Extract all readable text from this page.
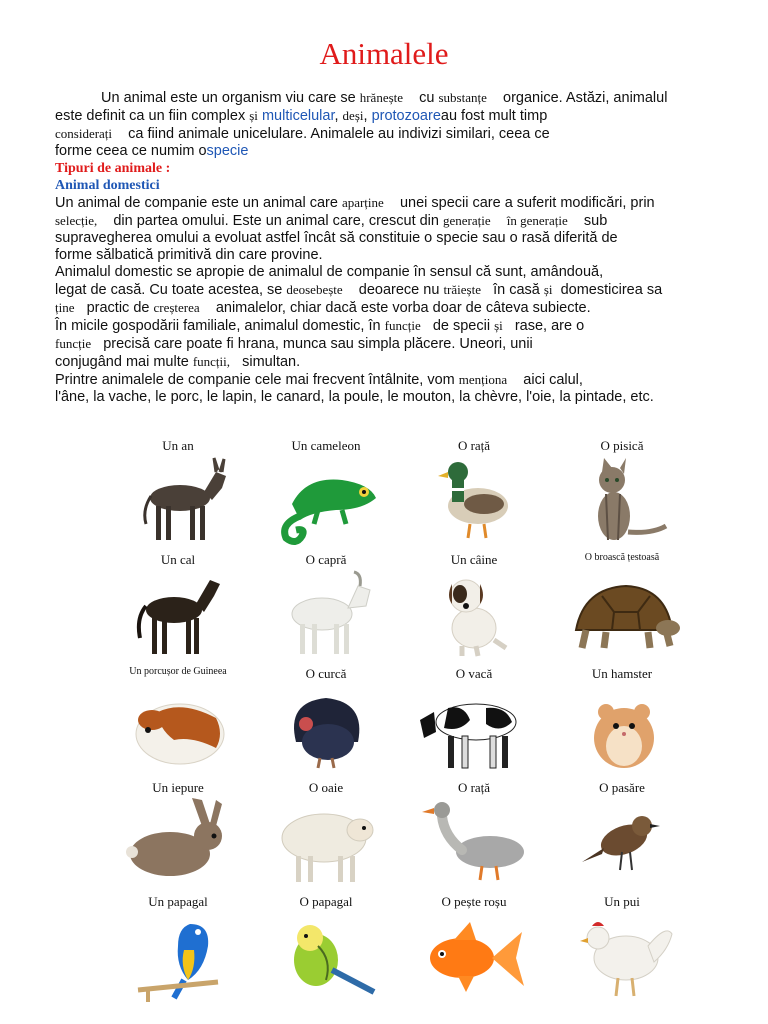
Animalele
Un animal este un organism viu care se hrănește cu substanțe organice. Astăzi, animalul
este definit ca un fiin complex și multicelular, deși, protozoareau fost mult timp
considerați ca fiind animale unicelulare. Animalele au indivizi similari, ceea ce
forme ceea ce numim ospecie
Tipuri de animale :
Animal domestici
Un animal de companie este un animal care aparține unei specii care a suferit modificări, prin
selecție, din partea omului. Este un animal care, crescut din generație în generație sub
supravegherea omului a evoluat astfel încât să constituie o specie sau o rasă diferită de
forme sălbatică primitivă din care provine.
Animalul domestic se apropie de animalul de companie în sensul că sunt, amândouă,
legat de casă. Cu toate acestea, se deosebește deoarece nu trăiește în casă și domesticirea sa
ține practic de creșterea animalelor, chiar dacă este vorba doar de câteva subiecte.
În micile gospodării familiale, animalul domestic, în funcție de specii și rase, are o
funcție precisă care poate fi hrana, munca sau simpla plăcere. Uneori, unii
conjugând mai multe funcții, simultan.
Printre animalele de companie cele mai frecvent întâlnite, vom menționa aici calul,
l'âne, la vache, le porc, le lapin, le canard, la poule, le mouton, la chèvre, l'oie, la pintade, etc.
Un an	Un cameleon	O rață	O pisică
Un cal	O capră	Un câine	O broască țestoasă
Un porcușor de Guineea	O curcă	O vacă	Un hamster
Un iepure	O oaie	O rață	O pasăre
Un papagal	O papagal	O pește roșu	Un pui
